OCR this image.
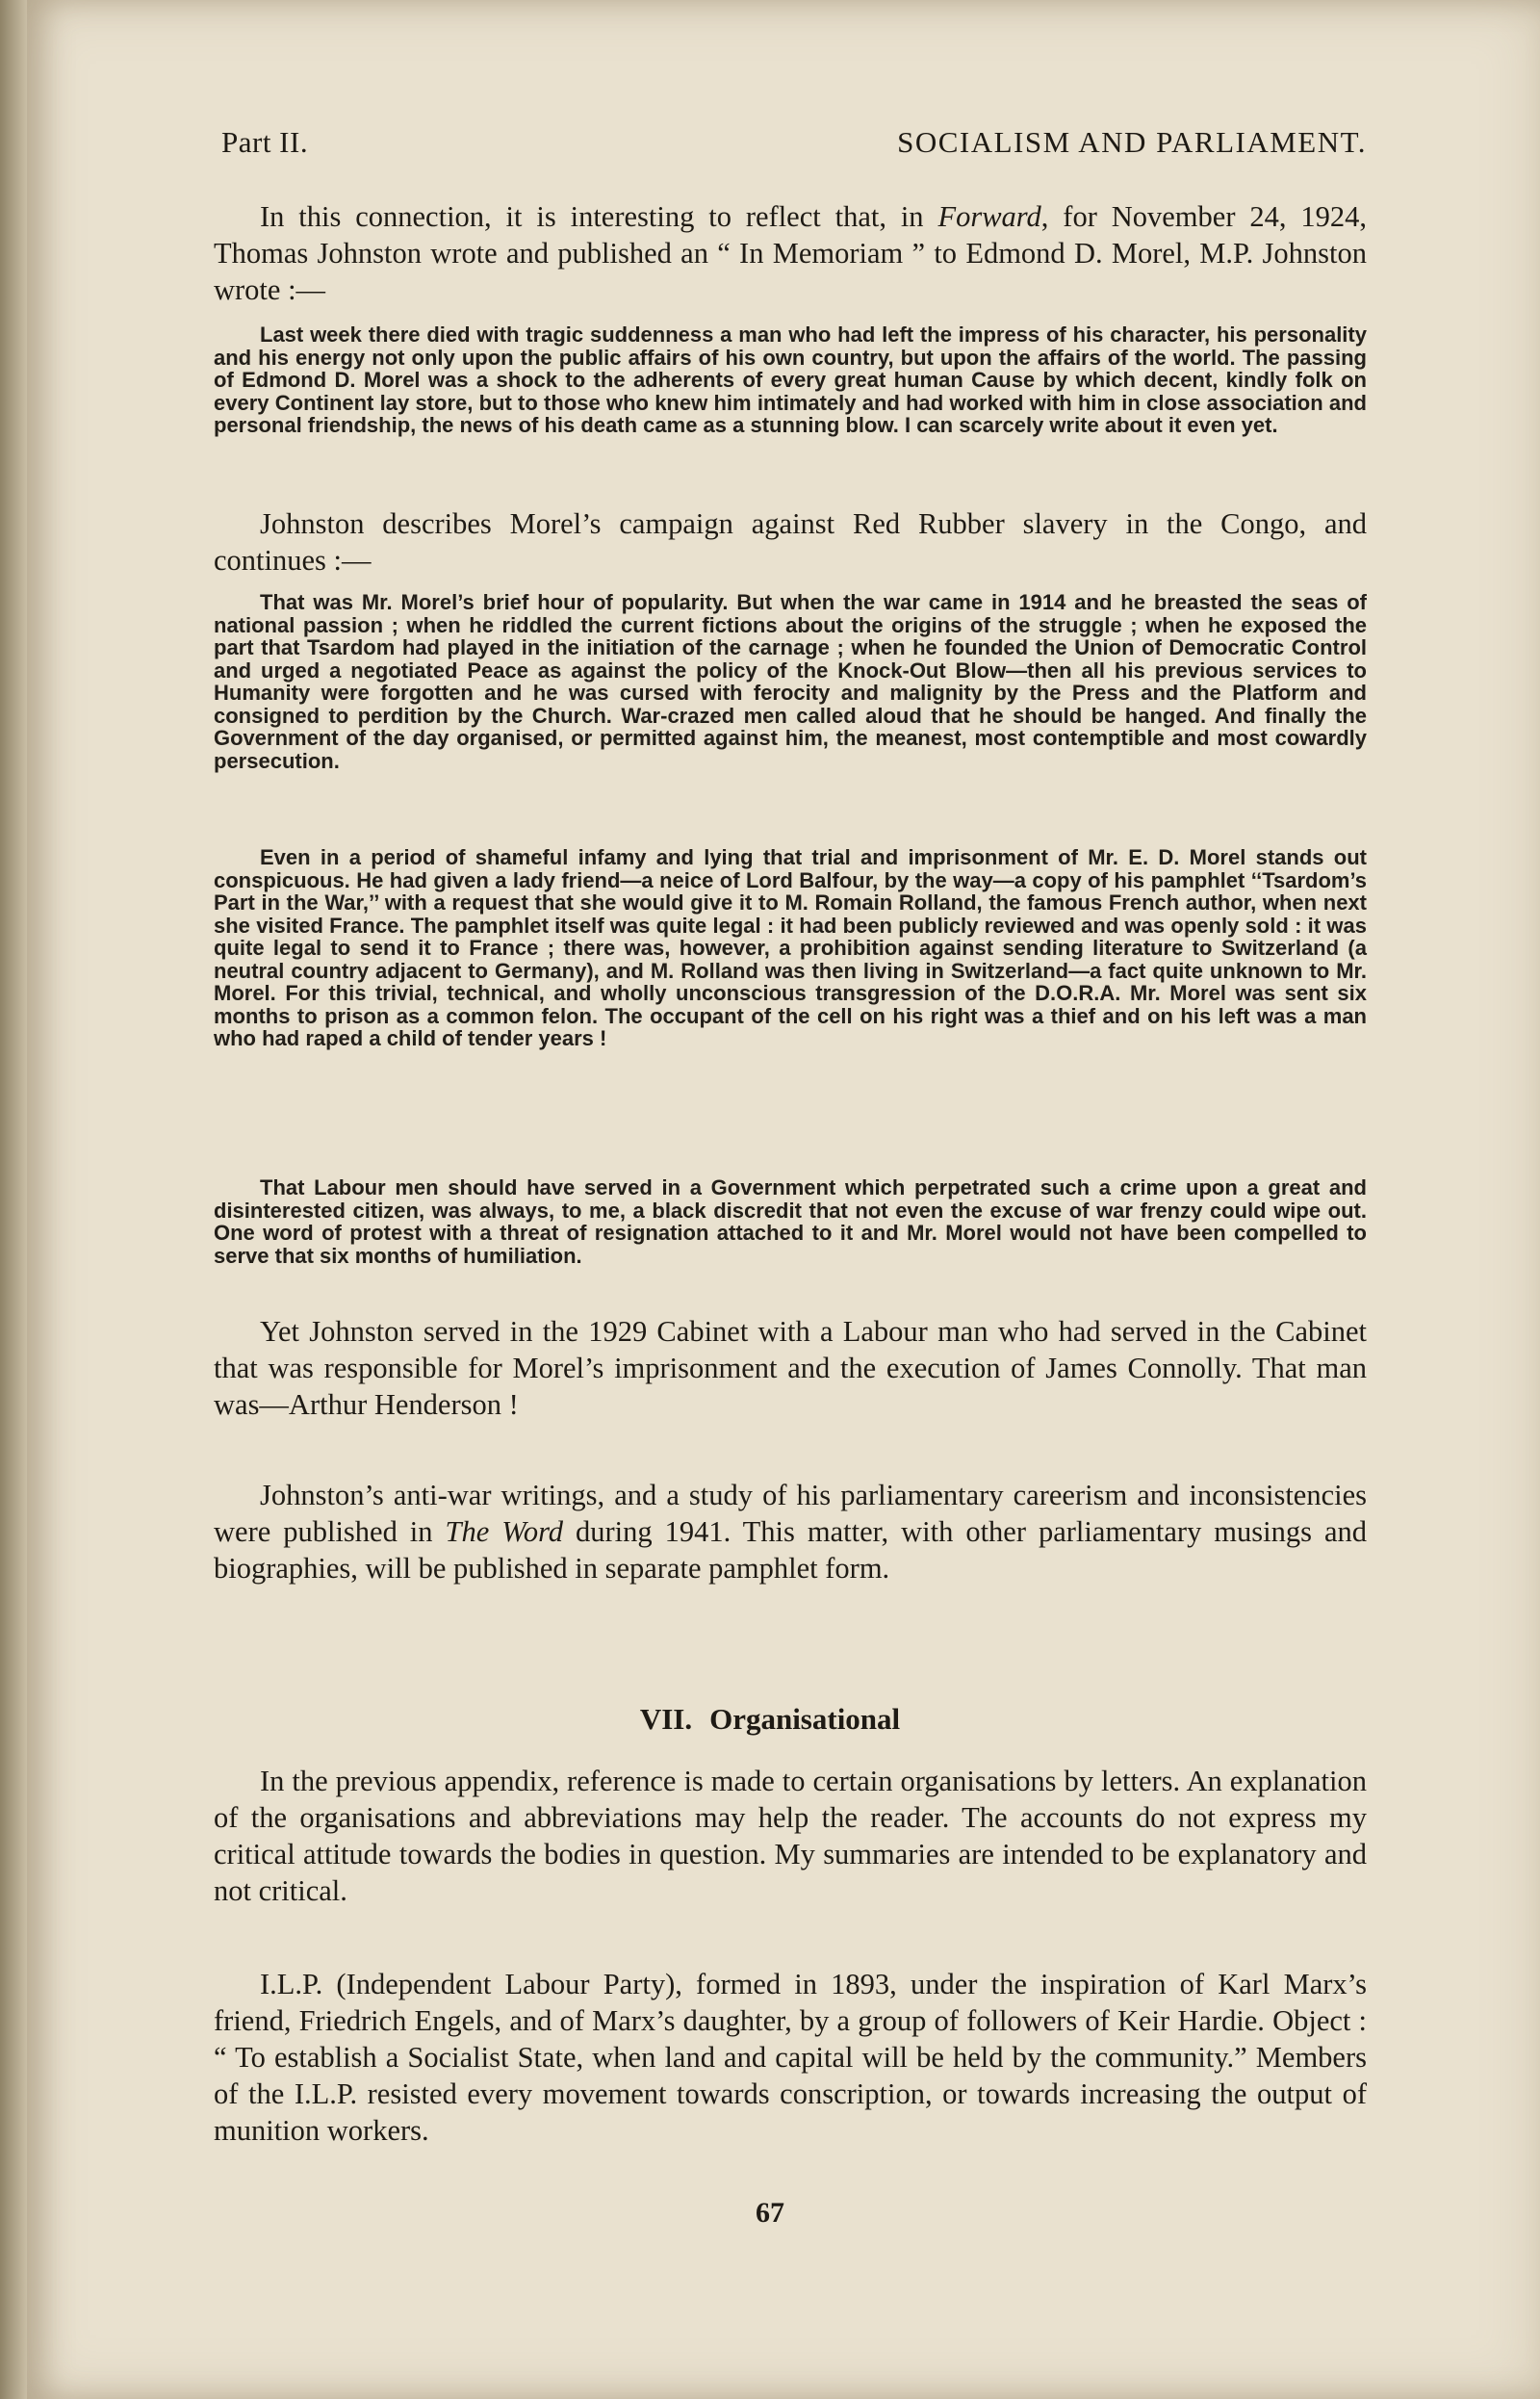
Part II.	SOCIALISM AND PARLIAMENT.
In this connection, it is interesting to reflect that, in Forward, for November 24, 1924, Thomas Johnston wrote and published an “ In Memoriam ” to Edmond D. Morel, M.P. Johnston wrote :—
Last week there died with tragic suddenness a man who had left the impress of his character, his personality and his energy not only upon the public affairs of his own country, but upon the affairs of the world. The passing of Edmond D. Morel was a shock to the adherents of every great human Cause by which decent, kindly folk on every Continent lay store, but to those who knew him intimately and had worked with him in close association and personal friendship, the news of his death came as a stunning blow. I can scarcely write about it even yet.
Johnston describes Morel’s campaign against Red Rubber slavery in the Congo, and continues :—
That was Mr. Morel’s brief hour of popularity. But when the war came in 1914 and he breasted the seas of national passion ; when he riddled the current fictions about the origins of the struggle ; when he exposed the part that Tsardom had played in the initiation of the carnage ; when he founded the Union of Democratic Control and urged a negotiated Peace as against the policy of the Knock-Out Blow—then all his previous services to Humanity were forgotten and he was cursed with ferocity and malignity by the Press and the Platform and consigned to perdition by the Church. War-crazed men called aloud that he should be hanged. And finally the Government of the day organised, or permitted against him, the meanest, most contemptible and most cowardly persecution.
Even in a period of shameful infamy and lying that trial and imprisonment of Mr. E. D. Morel stands out conspicuous. He had given a lady friend—a neice of Lord Balfour, by the way—a copy of his pamphlet ‘‘Tsardom’s Part in the War,’’ with a request that she would give it to M. Romain Rolland, the famous French author, when next she visited France. The pamphlet itself was quite legal : it had been publicly reviewed and was openly sold : it was quite legal to send it to France ; there was, however, a prohibition against sending literature to Switzerland (a neutral country adjacent to Germany), and M. Rolland was then living in Switzerland—a fact quite unknown to Mr. Morel. For this trivial, technical, and wholly unconscious transgression of the D.O.R.A. Mr. Morel was sent six months to prison as a common felon. The occupant of the cell on his right was a thief and on his left was a man who had raped a child of tender years !
That Labour men should have served in a Government which perpetrated such a crime upon a great and disinterested citizen, was always, to me, a black discredit that not even the excuse of war frenzy could wipe out. One word of protest with a threat of resignation attached to it and Mr. Morel would not have been compelled to serve that six months of humiliation.
Yet Johnston served in the 1929 Cabinet with a Labour man who had served in the Cabinet that was responsible for Morel’s imprisonment and the execution of James Connolly. That man was—Arthur Henderson !
Johnston’s anti-war writings, and a study of his parliamentary careerism and inconsistencies were published in The Word during 1941. This matter, with other parliamentary musings and biographies, will be published in separate pamphlet form.
VII. Organisational
In the previous appendix, reference is made to certain organisations by letters. An explanation of the organisations and abbreviations may help the reader. The accounts do not express my critical attitude towards the bodies in question. My summaries are intended to be explanatory and not critical.
I.L.P. (Independent Labour Party), formed in 1893, under the inspiration of Karl Marx’s friend, Friedrich Engels, and of Marx’s daughter, by a group of followers of Keir Hardie. Object : “ To establish a Socialist State, when land and capital will be held by the community.” Members of the I.L.P. resisted every movement towards conscription, or towards increasing the output of munition workers.
67
